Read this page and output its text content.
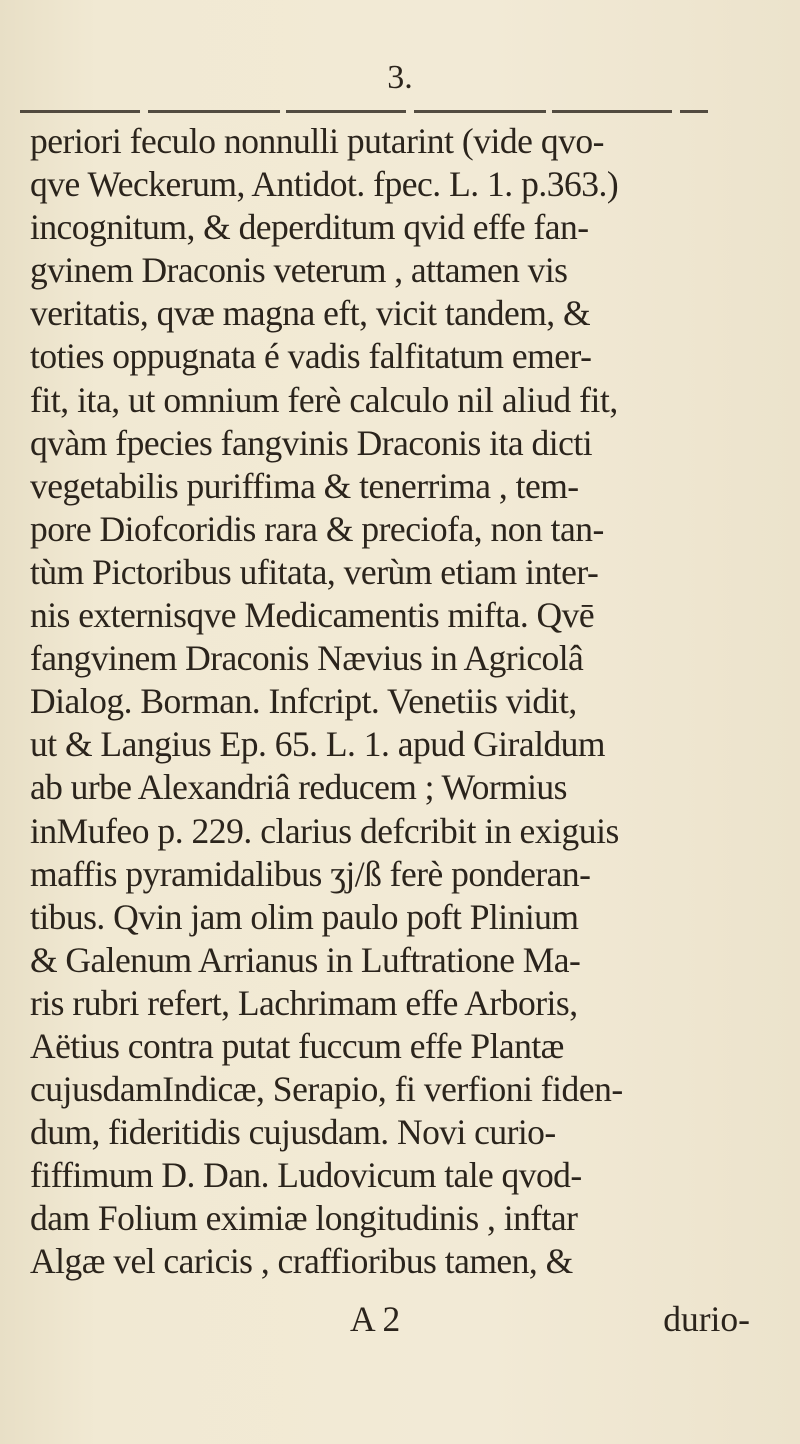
3.
periori feculo nonnulli putarint (vide qvo-
qve Weckerum, Antidot. fpec. L. 1. p.363.)
incognitum, & deperditum qvid effe fan-
gvinem Draconis veterum , attamen vis
veritatis, qvæ magna eft, vicit tandem, &
toties oppugnata é vadis falfitatum emer-
fit, ita, ut omnium ferè calculo nil aliud fit,
qvàm fpecies fangvinis Draconis ita dicti
vegetabilis puriffima & tenerrima , tem-
pore Diofcoridis rara & preciofa, non tan-
tùm Pictoribus ufitata, verùm etiam inter-
nis externisqve Medicamentis mifta. Qvē
fangvinem Draconis Nævius in Agricolâ
Dialog. Borman. Infcript. Venetiis vidit,
ut & Langius Ep. 65. L. 1. apud Giraldum
ab urbe Alexandriâ reducem ; Wormius
inMufeo p. 229. clarius defcribit in exiguis
maffis pyramidalibus ʒj/ß ferè ponderan-
tibus. Qvin jam olim paulo poft Plinium
& Galenum Arrianus in Luftratione Ma-
ris rubri refert, Lachrimam effe Arboris,
Aëtius contra putat fuccum effe Plantæ
cujusdamIndicæ, Serapio, fi verfioni fiden-
dum, fideritidis cujusdam. Novi curio-
fiffimum D. Dan. Ludovicum tale qvod-
dam Folium eximiæ longitudinis , inftar
Algæ vel caricis , craffioribus tamen, &
A 2	durio-
